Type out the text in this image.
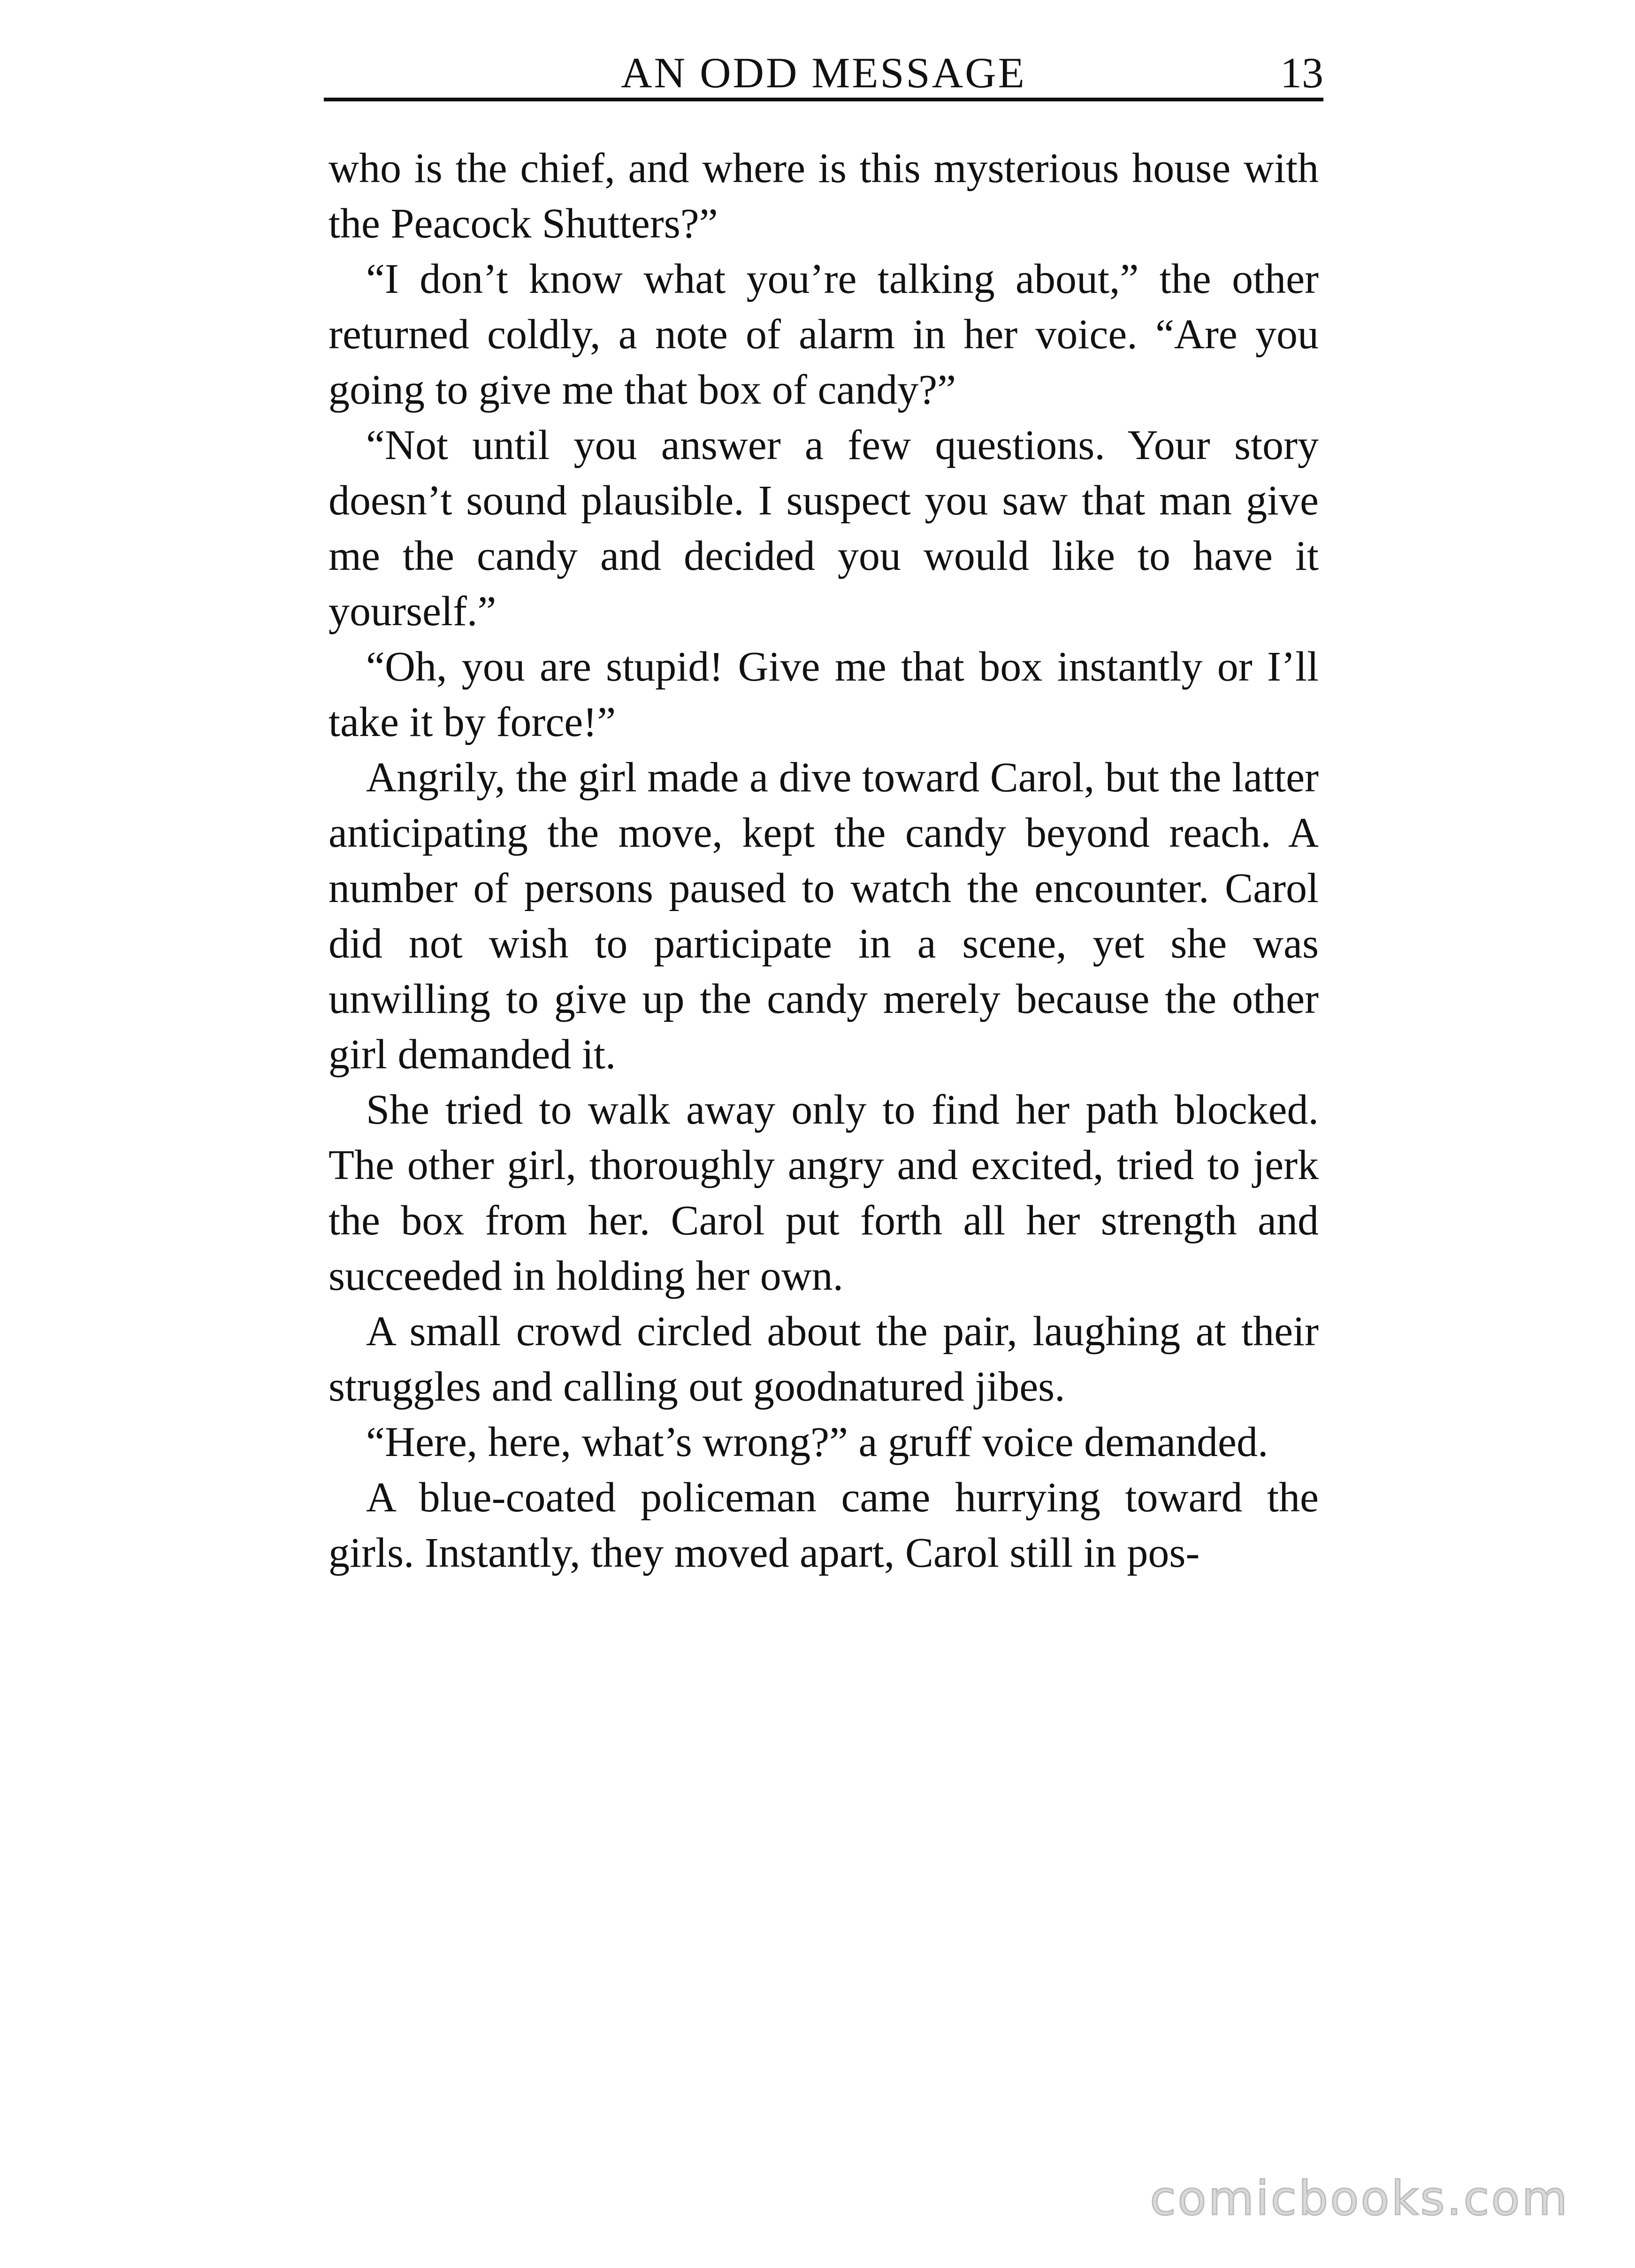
AN ODD MESSAGE	13

who is the chief, and where is this mysterious house with the Peacock Shutters?”

“I don’t know what you’re talking about,” the other returned coldly, a note of alarm in her voice. “Are you going to give me that box of candy?”

“Not until you answer a few questions. Your story doesn’t sound plausible. I suspect you saw that man give me the candy and decided you would like to have it yourself.”

“Oh, you are stupid! Give me that box instantly or I’ll take it by force!”

Angrily, the girl made a dive toward Carol, but the latter anticipating the move, kept the candy beyond reach. A number of persons paused to watch the encounter. Carol did not wish to participate in a scene, yet she was unwilling to give up the candy merely because the other girl demanded it.

She tried to walk away only to find her path blocked. The other girl, thoroughly angry and excited, tried to jerk the box from her. Carol put forth all her strength and succeeded in holding her own.

A small crowd circled about the pair, laughing at their struggles and calling out goodnatured jibes.

“Here, here, what’s wrong?” a gruff voice demanded.

A blue-coated policeman came hurrying toward the girls. Instantly, they moved apart, Carol still in pos-

comicbooks.com
